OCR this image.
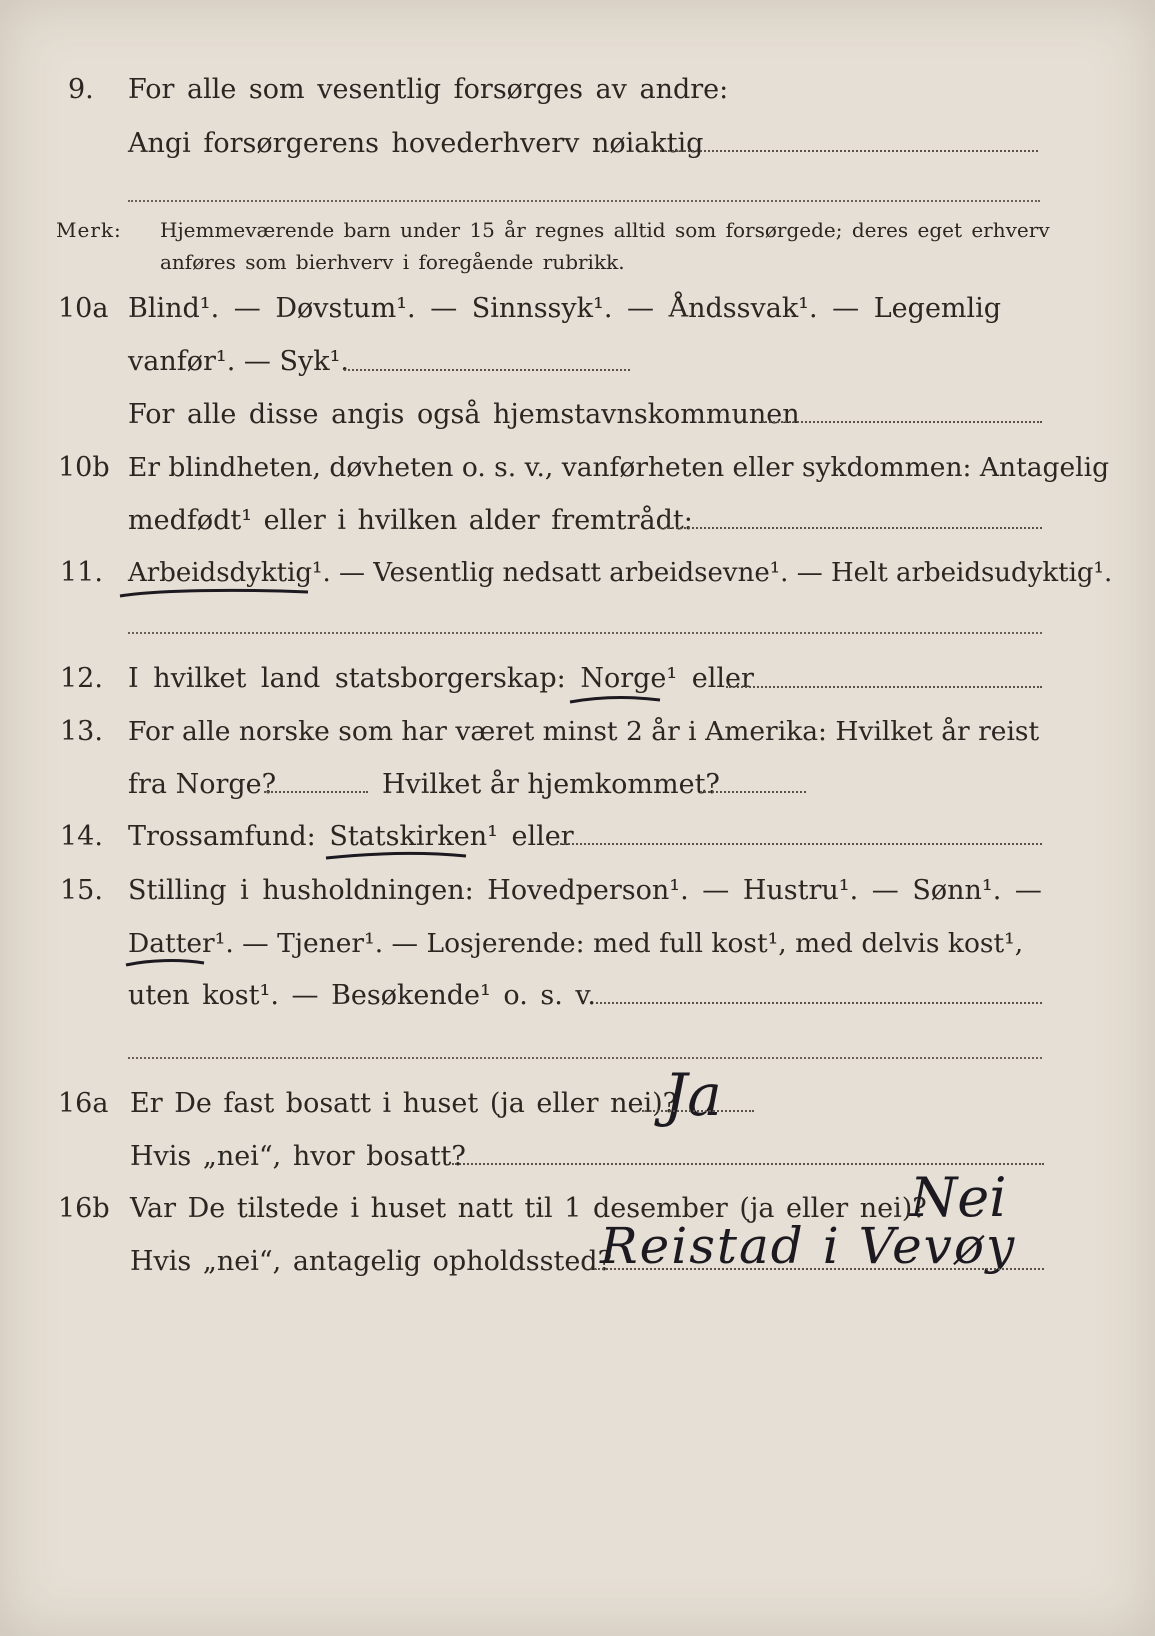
9. For alle som vesentlig forsørges av andre:
Angi forsørgerens hovederhverv nøiaktig
Merk: Hjemmeværende barn under 15 år regnes alltid som forsørgede; deres eget erhverv
anføres som bierhverv i foregående rubrikk.
10a Blind¹. — Døvstum¹. — Sinnssyk¹. — Åndssvak¹. — Legemlig
vanfør¹. — Syk¹.
For alle disse angis også hjemstavnskommunen
10b Er blindheten, døvheten o. s. v., vanførheten eller sykdommen: Antagelig
medfødt¹ eller i hvilken alder fremtrådt:
11. Arbeidsdyktig¹. — Vesentlig nedsatt arbeidsevne¹. — Helt arbeidsudyktig¹.
12. I hvilket land statsborgerskap: Norge¹ eller
13. For alle norske som har været minst 2 år i Amerika: Hvilket år reist
fra Norge?	Hvilket år hjemkommet?
14. Trossamfund: Statskirken¹ eller
15. Stilling i husholdningen: Hovedperson¹. — Hustru¹. — Sønn¹. —
Datter¹. — Tjener¹. — Losjerende: med full kost¹, med delvis kost¹,
uten kost¹. — Besøkende¹ o. s. v.
16a Er De fast bosatt i huset (ja eller nei)?
Ja
Hvis „nei“, hvor bosatt?
16b Var De tilstede i huset natt til 1 desember (ja eller nei)?
Nei
Hvis „nei“, antagelig opholdssted?
Reistad i Vevøy
